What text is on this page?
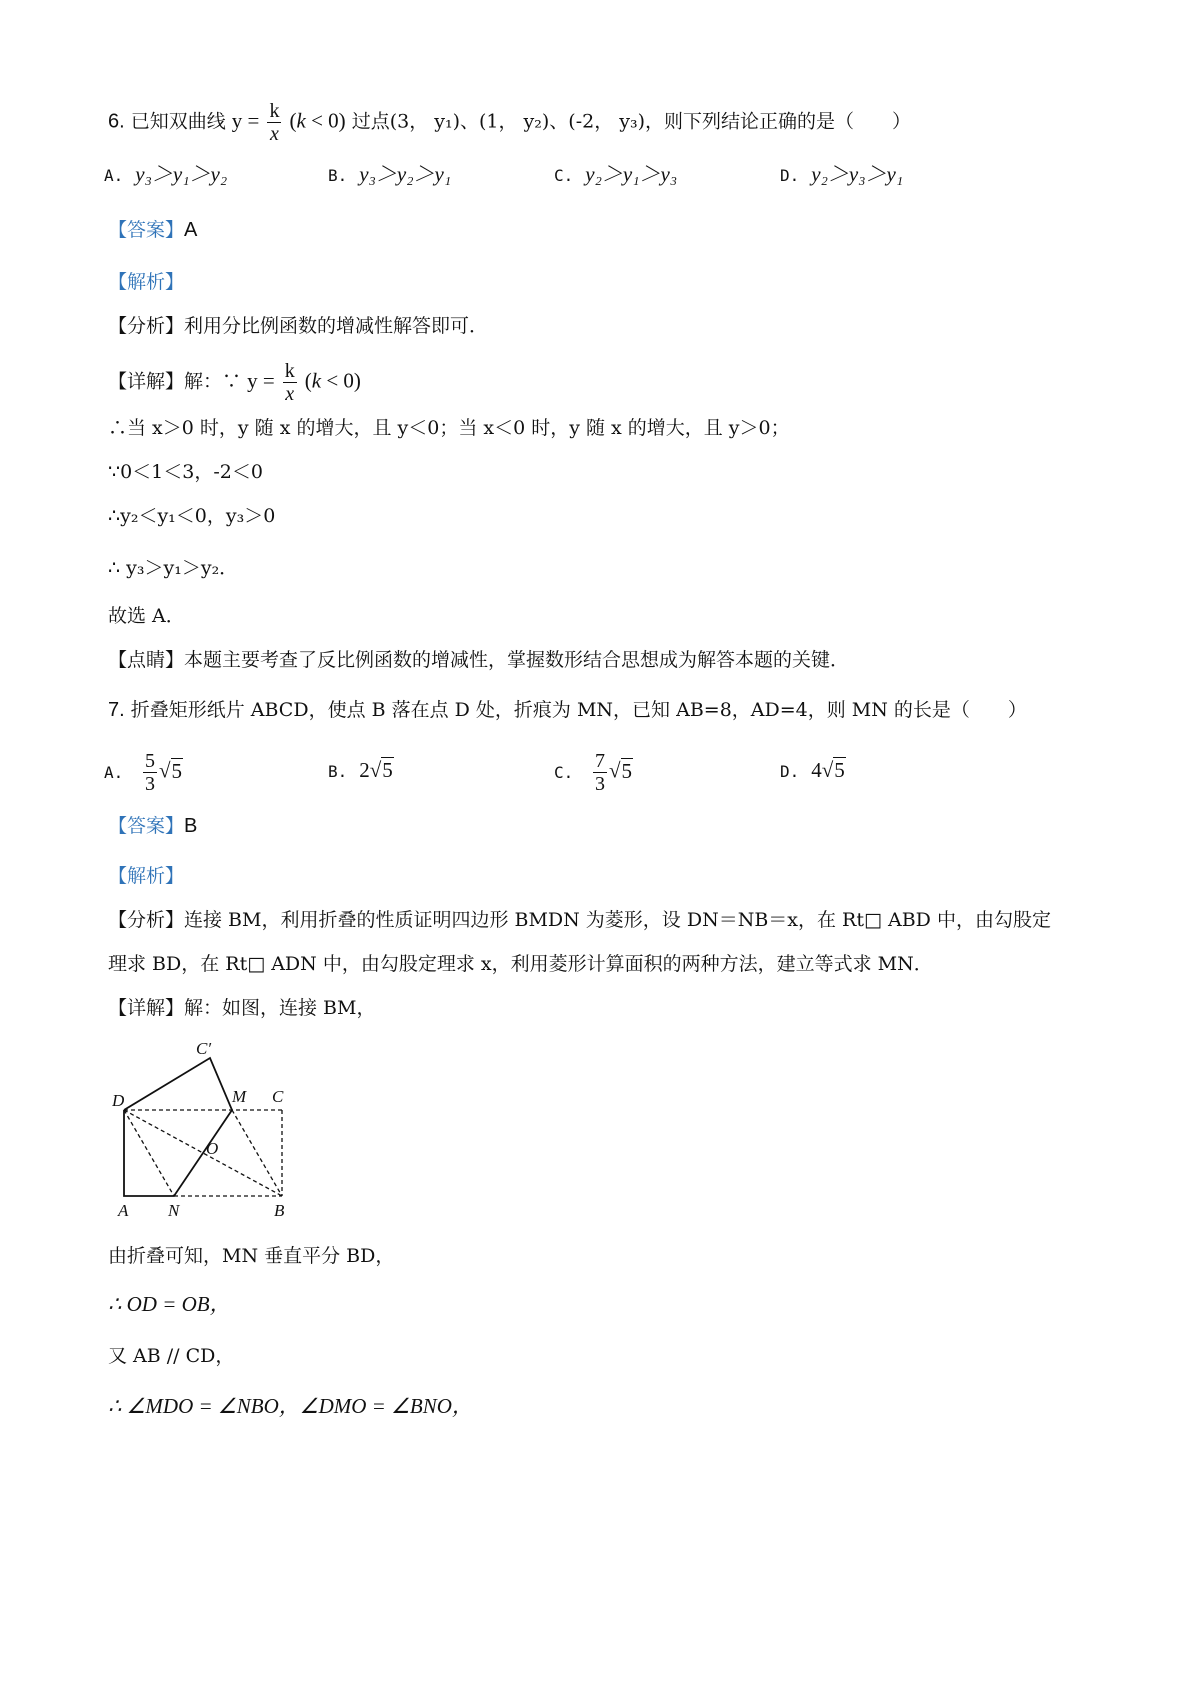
6. 已知双曲线 $y = \frac{k}{x} (k < 0)$ 过点(3， y₁)、(1， y₂)、(-2， y₃)，则下列结论正确的是（　　）
A. y₃＞y₁＞y₂	B. y₃＞y₂＞y₁	C. y₂＞y₁＞y₃	D. y₂＞y₃＞y₁
【答案】A
【解析】
【分析】利用分比例函数的增减性解答即可．
【详解】解：∵ $y = \frac{k}{x} (k < 0)$
∴当 x＞0 时，y 随 x 的增大，且 y＜0；当 x＜0 时，y 随 x 的增大，且 y＞0；
∵0＜1＜3，-2＜0
∴y₂＜y₁＜0，y₃＞0
∴ y₃＞y₁＞y₂．
故选 A．
【点睛】本题主要考查了反比例函数的增减性，掌握数形结合思想成为解答本题的关键．
7. 折叠矩形纸片 ABCD，使点 B 落在点 D 处，折痕为 MN，已知 AB=8，AD=4，则 MN 的长是（　　）
A. $\frac{5}{3} √5$	B. 2√5	C. $\frac{7}{3} √5$	D. 4√5
【答案】B
【解析】
【分析】连接 BM，利用折叠的性质证明四边形 BMDN 为菱形，设 DN＝NB＝x，在 Rt□ ABD 中，由勾股定
理求 BD，在 Rt□ ADN 中，由勾股定理求 x，利用菱形计算面积的两种方法，建立等式求 MN．
【详解】解：如图，连接 BM，
C′
D	M C
O
A N	B
由折叠可知，MN 垂直平分 BD，
∴ OD = OB，
又 AB // CD，
∴ ∠MDO = ∠NBO，∠DMO = ∠BNO，
